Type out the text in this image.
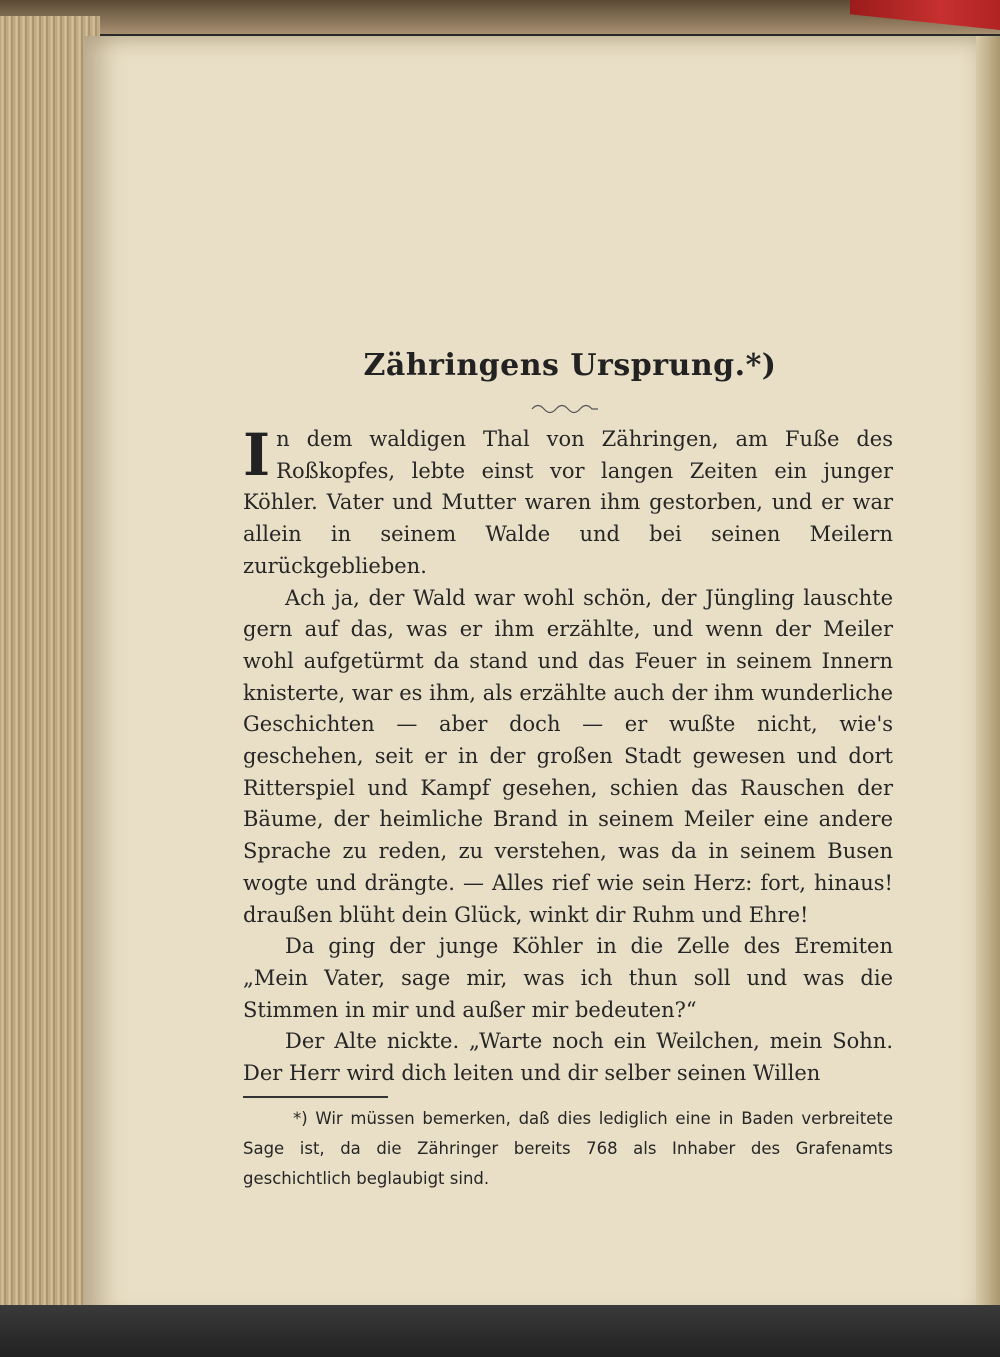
Zähringens Ursprung.*)

In dem waldigen Thal von Zähringen, am Fuße des Roßkopfes, lebte einst vor langen Zeiten ein junger Köhler. Vater und Mutter waren ihm gestorben, und er war allein in seinem Walde und bei seinen Meilern zurückgeblieben.

Ach ja, der Wald war wohl schön, der Jüngling lauschte gern auf das, was er ihm erzählte, und wenn der Meiler wohl aufgetürmt da stand und das Feuer in seinem Innern knisterte, war es ihm, als erzählte auch der ihm wunderliche Geschichten — aber doch — er wußte nicht, wie's geschehen, seit er in der großen Stadt gewesen und dort Ritterspiel und Kampf gesehen, schien das Rauschen der Bäume, der heimliche Brand in seinem Meiler eine andere Sprache zu reden, zu verstehen, was da in seinem Busen wogte und drängte. — Alles rief wie sein Herz: fort, hinaus! draußen blüht dein Glück, winkt dir Ruhm und Ehre!

Da ging der junge Köhler in die Zelle des Eremiten „Mein Vater, sage mir, was ich thun soll und was die Stimmen in mir und außer mir bedeuten?“

Der Alte nickte. „Warte noch ein Weilchen, mein Sohn. Der Herr wird dich leiten und dir selber seinen Willen

*) Wir müssen bemerken, daß dies lediglich eine in Baden verbreitete Sage ist, da die Zähringer bereits 768 als Inhaber des Grafenamts geschichtlich beglaubigt sind.
